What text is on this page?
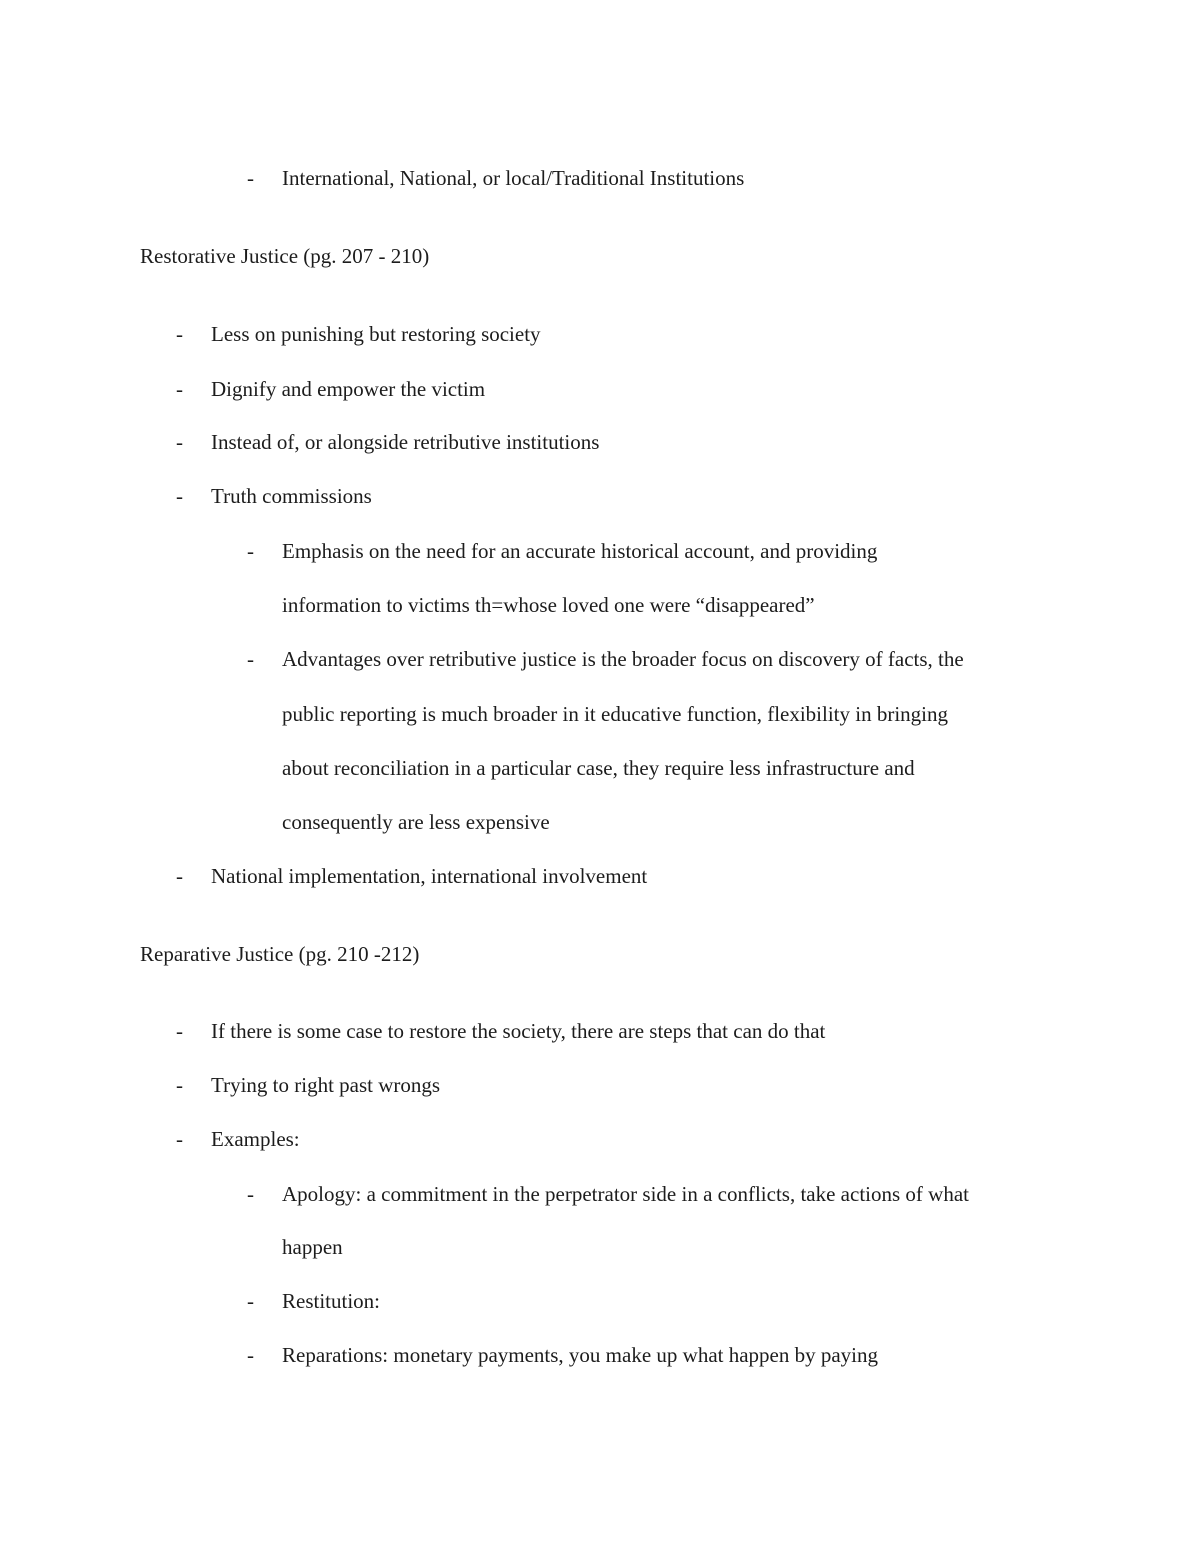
- International, National, or local/Traditional Institutions
Restorative Justice (pg. 207 - 210)
- Less on punishing but restoring society
- Dignify and empower the victim
- Instead of, or alongside retributive institutions
- Truth commissions
- Emphasis on the need for an accurate historical account, and providing
information to victims th=whose loved one were “disappeared”
- Advantages over retributive justice is the broader focus on discovery of facts, the
public reporting is much broader in it educative function, flexibility in bringing
about reconciliation in a particular case, they require less infrastructure and
consequently are less expensive
- National implementation, international involvement
Reparative Justice (pg. 210 -212)
- If there is some case to restore the society, there are steps that can do that
- Trying to right past wrongs
- Examples:
- Apology: a commitment in the perpetrator side in a conflicts, take actions of what
happen
- Restitution:
- Reparations: monetary payments, you make up what happen by paying
